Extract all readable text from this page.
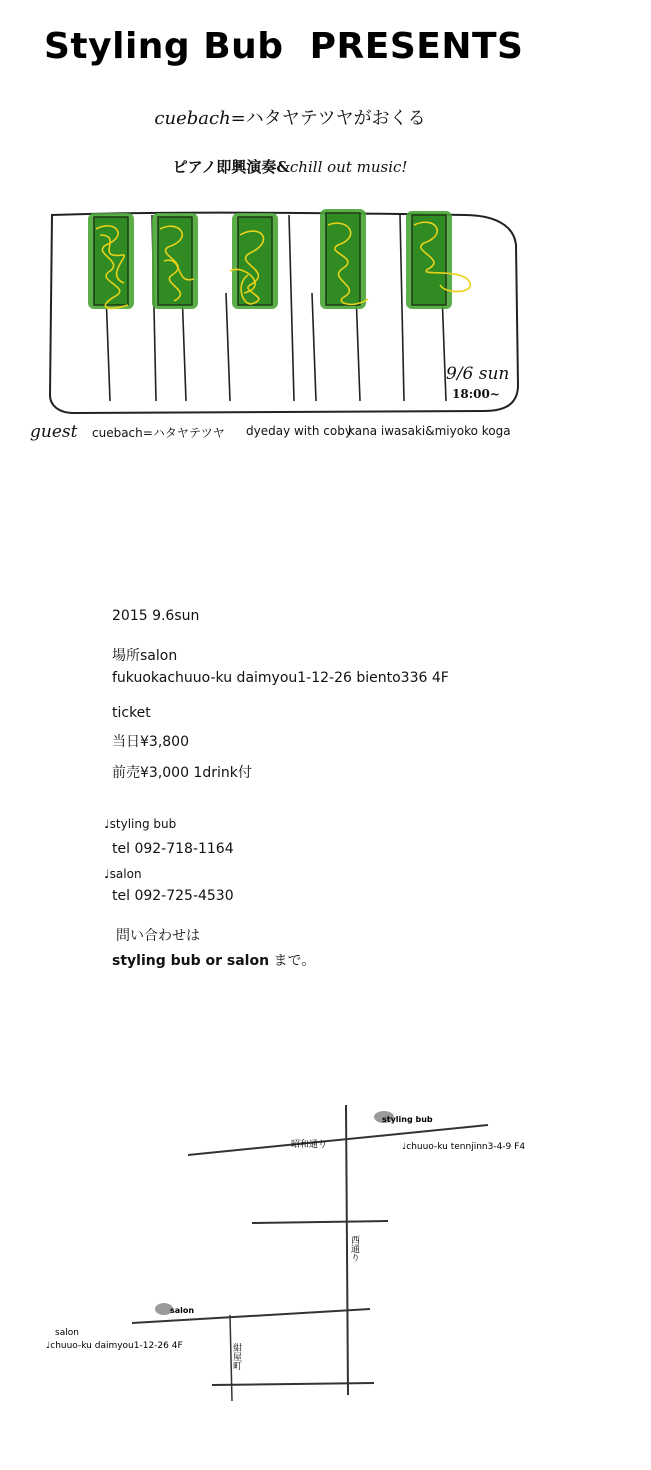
Styling Bub  PRESENTS
cuebach=ハタヤテツヤがおくる
ピアノ即興演奏&chill out music!
9/6 sun
18:00~
guest cuebach=ハタヤテツヤ dyeday with coby
kana iwasaki&miyoko koga
2015 9.6sun
場所salon
fukuokachuuo-ku daimyou1-12-26 biento336 4F
ticket
当日¥3,800
前売¥3,000 1drink付
♩styling bub
tel 092-718-1164
♩salon
tel 092-725-4530
問い合わせは
styling bub or salon まで。
styling bub
♩chuuo-ku tennjinn3-4-9 F4
昭和通り
西通り
紺屋町
salon
salon
♩chuuo-ku daimyou1-12-26 4F
